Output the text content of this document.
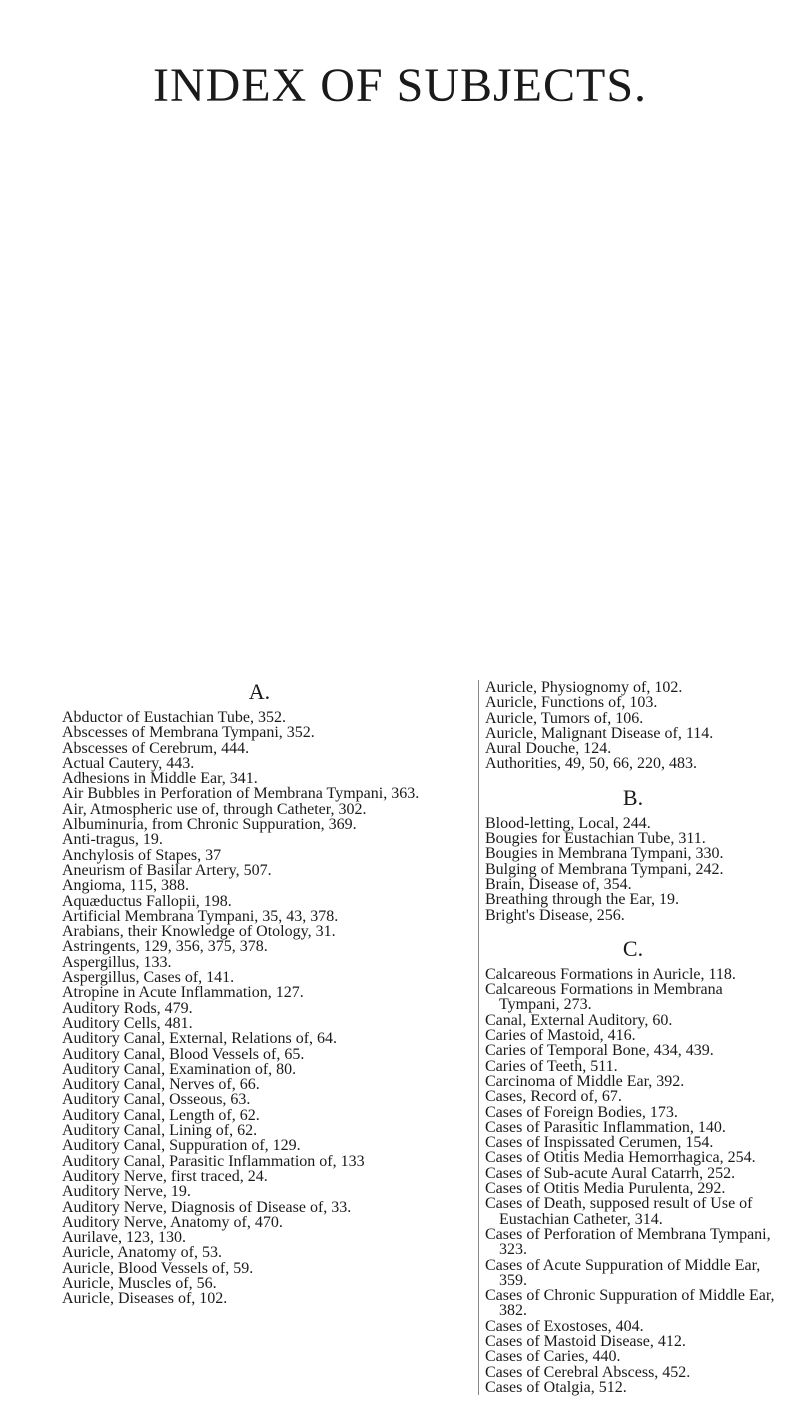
INDEX OF SUBJECTS.
A.

Abductor of Eustachian Tube, 352.

Abscesses of Membrana Tympani, 352.

Abscesses of Cerebrum, 444.

Actual Cautery, 443.

Adhesions in Middle Ear, 341.

Air Bubbles in Perforation of Membrana Tympani, 363.

Air, Atmospheric use of, through Catheter, 302.

Albuminuria, from Chronic Suppuration, 369.

Anti-tragus, 19.

Anchylosis of Stapes, 37

Aneurism of Basilar Artery, 507.

Angioma, 115, 388.

Aquæductus Fallopii, 198.

Artificial Membrana Tympani, 35, 43, 378.

Arabians, their Knowledge of Otology, 31.

Astringents, 129, 356, 375, 378.

Aspergillus, 133.

Aspergillus, Cases of, 141.

Atropine in Acute Inflammation, 127.

Auditory Rods, 479.

Auditory Cells, 481.

Auditory Canal, External, Relations of, 64.

Auditory Canal, Blood Vessels of, 65.

Auditory Canal, Examination of, 80.

Auditory Canal, Nerves of, 66.

Auditory Canal, Osseous, 63.

Auditory Canal, Length of, 62.

Auditory Canal, Lining of, 62.

Auditory Canal, Suppuration of, 129.

Auditory Canal, Parasitic Inflammation of, 133

Auditory Nerve, first traced, 24.

Auditory Nerve, 19.

Auditory Nerve, Diagnosis of Disease of, 33.

Auditory Nerve, Anatomy of, 470.

Aurilave, 123, 130.

Auricle, Anatomy of, 53.

Auricle, Blood Vessels of, 59.

Auricle, Muscles of, 56.

Auricle, Diseases of, 102.

Auricle, Physiognomy of, 102.

Auricle, Functions of, 103.

Auricle, Tumors of, 106.

Auricle, Malignant Disease of, 114.

Aural Douche, 124.

Authorities, 49, 50, 66, 220, 483.

B.

Blood-letting, Local, 244.

Bougies for Eustachian Tube, 311.

Bougies in Membrana Tympani, 330.

Bulging of Membrana Tympani, 242.

Brain, Disease of, 354.

Breathing through the Ear, 19.

Bright's Disease, 256.

C.

Calcareous Formations in Auricle, 118.

Calcareous Formations in Membrana Tympani, 273.

Canal, External Auditory, 60.

Caries of Mastoid, 416.

Caries of Temporal Bone, 434, 439.

Caries of Teeth, 511.

Carcinoma of Middle Ear, 392.

Cases, Record of, 67.

Cases of Foreign Bodies, 173.

Cases of Parasitic Inflammation, 140.

Cases of Inspissated Cerumen, 154.

Cases of Otitis Media Hemorrhagica, 254.

Cases of Sub-acute Aural Catarrh, 252.

Cases of Otitis Media Purulenta, 292.

Cases of Death, supposed result of Use of Eustachian Catheter, 314.

Cases of Perforation of Membrana Tympani, 323.

Cases of Acute Suppuration of Middle Ear, 359.

Cases of Chronic Suppuration of Middle Ear, 382.

Cases of Exostoses, 404.

Cases of Mastoid Disease, 412.

Cases of Caries, 440.

Cases of Cerebral Abscess, 452.

Cases of Otalgia, 512.
